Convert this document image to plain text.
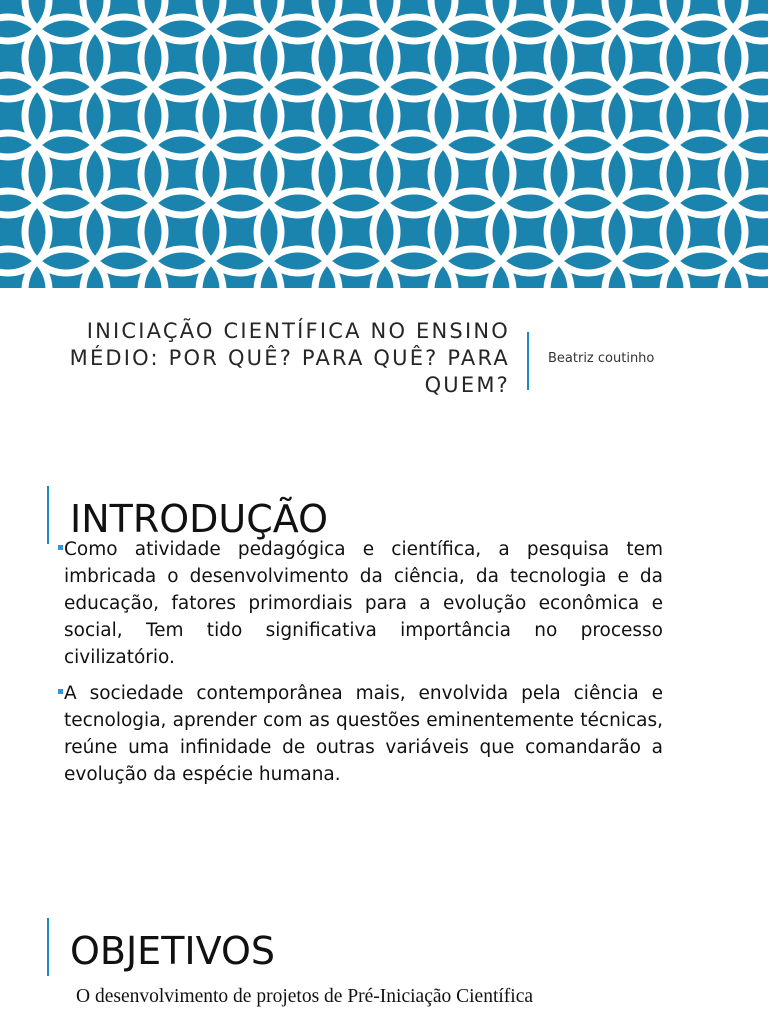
INICIAÇÃO CIENTÍFICA NO ENSINO MÉDIO: POR QUÊ? PARA QUÊ? PARA QUEM?
Beatriz coutinho
INTRODUÇÃO
Como atividade pedagógica e científica, a pesquisa tem imbricada o desenvolvimento da ciência, da tecnologia e da educação, fatores primordiais para a evolução econômica e social, Tem tido significativa importância no processo civilizatório.
A sociedade contemporânea mais, envolvida pela ciência e tecnologia, aprender com as questões eminentemente técnicas, reúne uma infinidade de outras variáveis que comandarão a evolução da espécie humana.
OBJETIVOS
O desenvolvimento de projetos de Pré-Iniciação Científica
